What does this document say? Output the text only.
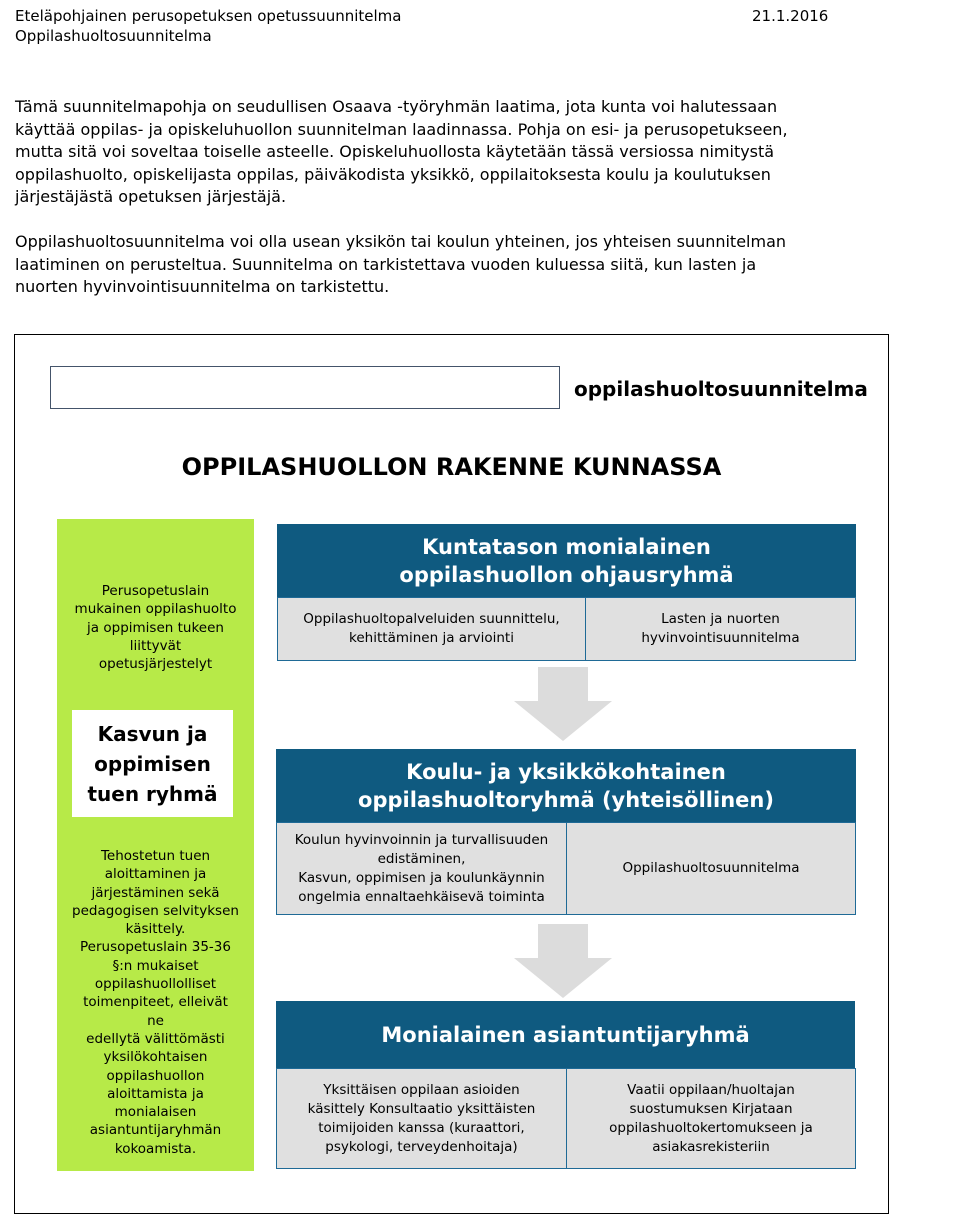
Eteläpohjainen perusopetuksen opetussuunnitelma
Oppilashuoltosuunnitelma
21.1.2016

Tämä suunnitelmapohja on seudullisen Osaava -työryhmän laatima, jota kunta voi halutessaan
käyttää oppilas- ja opiskeluhuollon suunnitelman laadinnassa. Pohja on esi- ja perusopetukseen,
mutta sitä voi soveltaa toiselle asteelle. Opiskeluhuollosta käytetään tässä versiossa nimitystä
oppilashuolto, opiskelijasta oppilas, päiväkodista yksikkö, oppilaitoksesta koulu ja koulutuksen
järjestäjästä opetuksen järjestäjä.

Oppilashuoltosuunnitelma voi olla usean yksikön tai koulun yhteinen, jos yhteisen suunnitelman
laatiminen on perusteltua. Suunnitelma on tarkistettava vuoden kuluessa siitä, kun lasten ja
nuorten hyvinvointisuunnitelma on tarkistettu.

oppilashuoltosuunnitelma
OPPILASHUOLLON RAKENNE KUNNASSA
Perusopetuslain
mukainen oppilashuolto
ja oppimisen tukeen
liittyvät
opetusjärjestelyt
Kasvun ja
oppimisen
tuen ryhmä
Tehostetun tuen
aloittaminen ja
järjestäminen sekä
pedagogisen selvityksen
käsittely.
Perusopetuslain 35-36
§:n mukaiset
oppilashuollolliset
toimenpiteet, elleivät
ne
edellytä välittömästi
yksilökohtaisen
oppilashuollon
aloittamista ja
monialaisen
asiantuntijaryhmän
kokoamista.
Kuntatason monialainen
oppilashuollon ohjausryhmä
Oppilashuoltopalveluiden suunnittelu,
kehittäminen ja arviointi
Lasten ja nuorten
hyvinvointisuunnitelma
Koulu- ja yksikkökohtainen
oppilashuoltoryhmä (yhteisöllinen)
Koulun hyvinvoinnin ja turvallisuuden
edistäminen,
Kasvun, oppimisen ja koulunkäynnin
ongelmia ennaltaehkäisevä toiminta
Oppilashuoltosuunnitelma
Monialainen asiantuntijaryhmä
Yksittäisen oppilaan asioiden
käsittely Konsultaatio yksittäisten
toimijoiden kanssa (kuraattori,
psykologi, terveydenhoitaja)
Vaatii oppilaan/huoltajan
suostumuksen Kirjataan
oppilashuoltokertomukseen ja
asiakasrekisteriin
